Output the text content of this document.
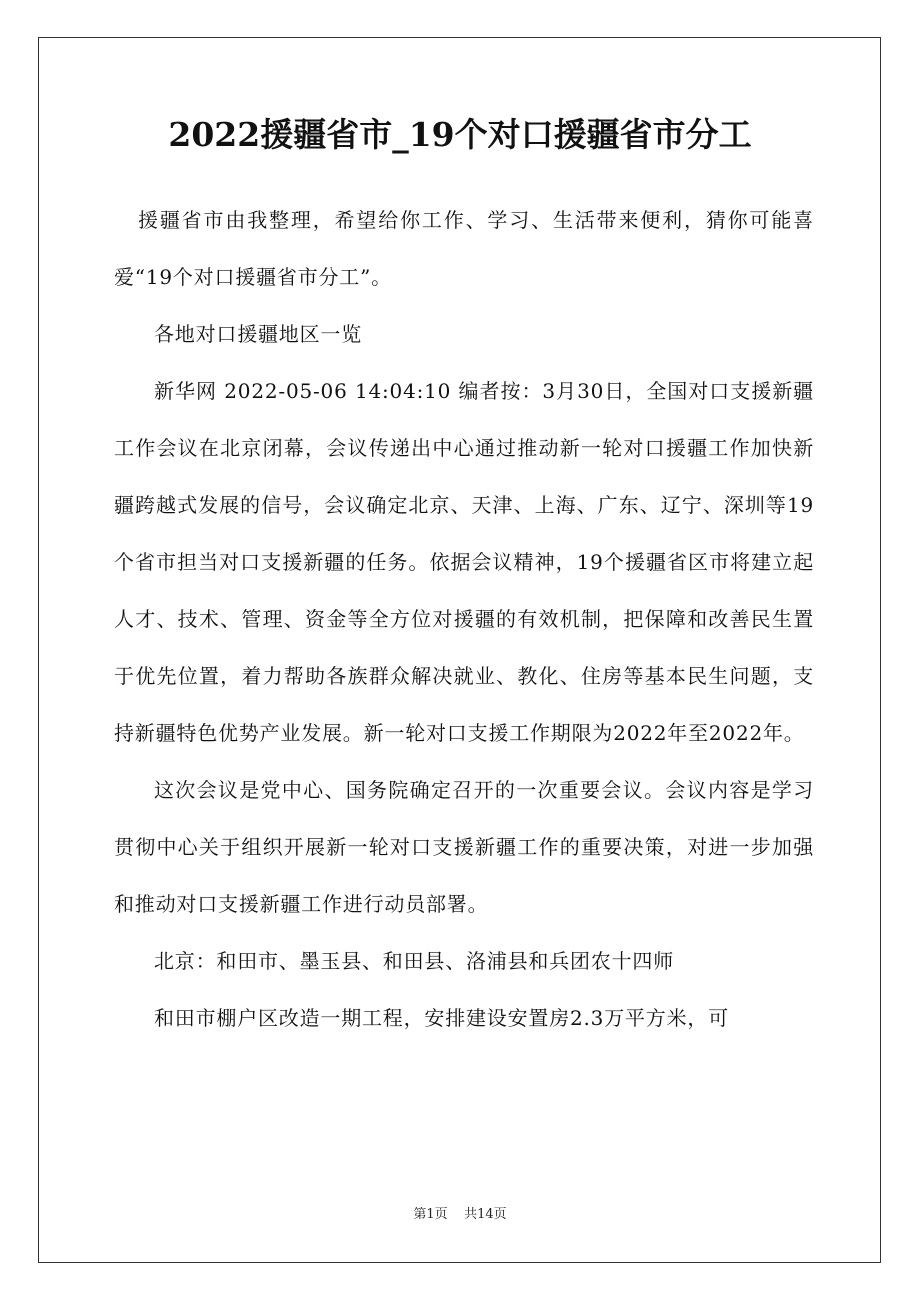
2022援疆省市_19个对口援疆省市分工

援疆省市由我整理，希望给你工作、学习、生活带来便利，猜你可能喜爱“19个对口援疆省市分工”。

各地对口援疆地区一览

新华网 2022-05-06 14:04:10 编者按：3月30日，全国对口支援新疆工作会议在北京闭幕，会议传递出中心通过推动新一轮对口援疆工作加快新疆跨越式发展的信号，会议确定北京、天津、上海、广东、辽宁、深圳等19个省市担当对口支援新疆的任务。依据会议精神，19个援疆省区市将建立起人才、技术、管理、资金等全方位对援疆的有效机制，把保障和改善民生置于优先位置，着力帮助各族群众解决就业、教化、住房等基本民生问题，支持新疆特色优势产业发展。新一轮对口支援工作期限为2022年至2022年。

这次会议是党中心、国务院确定召开的一次重要会议。会议内容是学习贯彻中心关于组织开展新一轮对口支援新疆工作的重要决策，对进一步加强和推动对口支援新疆工作进行动员部署。

北京：和田市、墨玉县、和田县、洛浦县和兵团农十四师

和田市棚户区改造一期工程，安排建设安置房2.3万平方米，可

第1页 共14页
